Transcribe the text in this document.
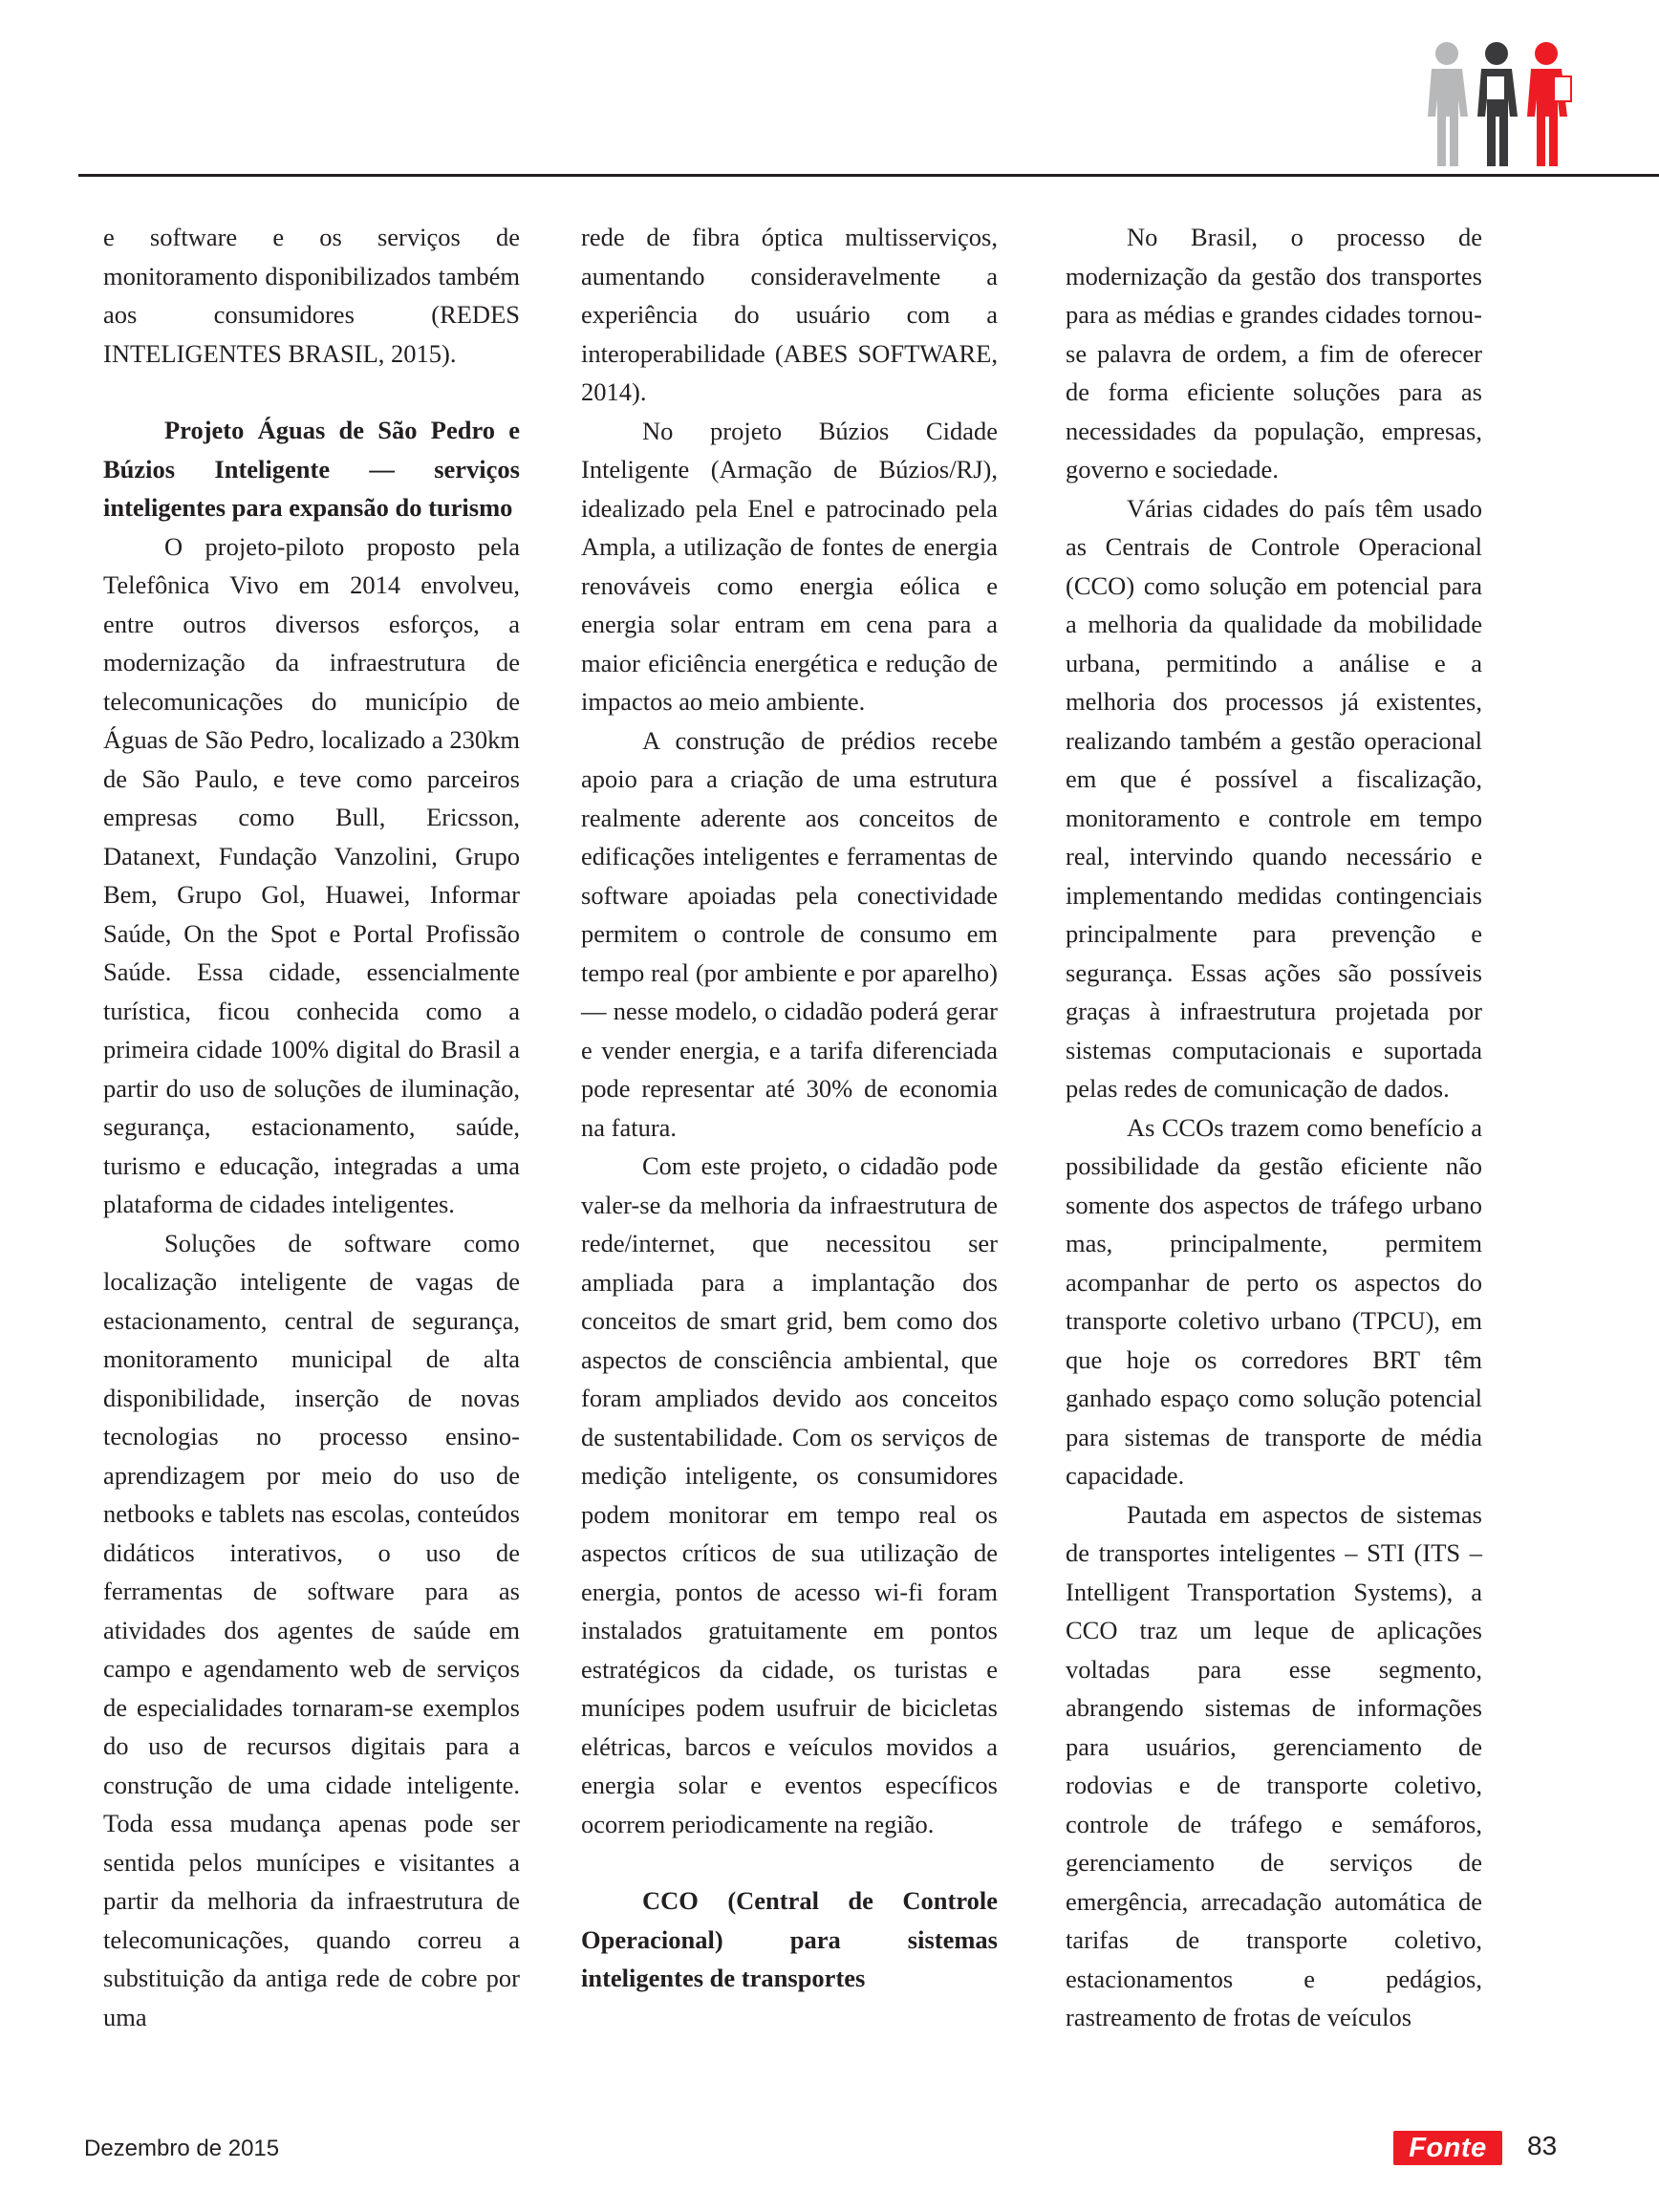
e software e os serviços de monitoramento disponibilizados também aos consumidores (REDES INTELIGENTES BRASIL, 2015).

Projeto Águas de São Pedro e Búzios Inteligente — serviços inteligentes para expansão do turismo

O projeto-piloto proposto pela Telefônica Vivo em 2014 envolveu, entre outros diversos esforços, a modernização da infraestrutura de telecomunicações do município de Águas de São Pedro, localizado a 230km de São Paulo, e teve como parceiros empresas como Bull, Ericsson, Datanext, Fundação Vanzolini, Grupo Bem, Grupo Gol, Huawei, Informar Saúde, On the Spot e Portal Profissão Saúde. Essa cidade, essencialmente turística, ficou conhecida como a primeira cidade 100% digital do Brasil a partir do uso de soluções de iluminação, segurança, estacionamento, saúde, turismo e educação, integradas a uma plataforma de cidades inteligentes.

Soluções de software como localização inteligente de vagas de estacionamento, central de segurança, monitoramento municipal de alta disponibilidade, inserção de novas tecnologias no processo ensino-aprendizagem por meio do uso de netbooks e tablets nas escolas, conteúdos didáticos interativos, o uso de ferramentas de software para as atividades dos agentes de saúde em campo e agendamento web de serviços de especialidades tornaram-se exemplos do uso de recursos digitais para a construção de uma cidade inteligente. Toda essa mudança apenas pode ser sentida pelos munícipes e visitantes a partir da melhoria da infraestrutura de telecomunicações, quando correu a substituição da antiga rede de cobre por uma

rede de fibra óptica multisserviços, aumentando consideravelmente a experiência do usuário com a interoperabilidade (ABES SOFTWARE, 2014).

No projeto Búzios Cidade Inteligente (Armação de Búzios/RJ), idealizado pela Enel e patrocinado pela Ampla, a utilização de fontes de energia renováveis como energia eólica e energia solar entram em cena para a maior eficiência energética e redução de impactos ao meio ambiente.

A construção de prédios recebe apoio para a criação de uma estrutura realmente aderente aos conceitos de edificações inteligentes e ferramentas de software apoiadas pela conectividade permitem o controle de consumo em tempo real (por ambiente e por aparelho) — nesse modelo, o cidadão poderá gerar e vender energia, e a tarifa diferenciada pode representar até 30% de economia na fatura.

Com este projeto, o cidadão pode valer-se da melhoria da infraestrutura de rede/internet, que necessitou ser ampliada para a implantação dos conceitos de smart grid, bem como dos aspectos de consciência ambiental, que foram ampliados devido aos conceitos de sustentabilidade. Com os serviços de medição inteligente, os consumidores podem monitorar em tempo real os aspectos críticos de sua utilização de energia, pontos de acesso wi-fi foram instalados gratuitamente em pontos estratégicos da cidade, os turistas e munícipes podem usufruir de bicicletas elétricas, barcos e veículos movidos a energia solar e eventos específicos ocorrem periodicamente na região.

CCO (Central de Controle Operacional) para sistemas inteligentes de transportes

No Brasil, o processo de modernização da gestão dos transportes para as médias e grandes cidades tornou-se palavra de ordem, a fim de oferecer de forma eficiente soluções para as necessidades da população, empresas, governo e sociedade.

Várias cidades do país têm usado as Centrais de Controle Operacional (CCO) como solução em potencial para a melhoria da qualidade da mobilidade urbana, permitindo a análise e a melhoria dos processos já existentes, realizando também a gestão operacional em que é possível a fiscalização, monitoramento e controle em tempo real, intervindo quando necessário e implementando medidas contingenciais principalmente para prevenção e segurança. Essas ações são possíveis graças à infraestrutura projetada por sistemas computacionais e suportada pelas redes de comunicação de dados.

As CCOs trazem como benefício a possibilidade da gestão eficiente não somente dos aspectos de tráfego urbano mas, principalmente, permitem acompanhar de perto os aspectos do transporte coletivo urbano (TPCU), em que hoje os corredores BRT têm ganhado espaço como solução potencial para sistemas de transporte de média capacidade.

Pautada em aspectos de sistemas de transportes inteligentes – STI (ITS – Intelligent Transportation Systems), a CCO traz um leque de aplicações voltadas para esse segmento, abrangendo sistemas de informações para usuários, gerenciamento de rodovias e de transporte coletivo, controle de tráfego e semáforos, gerenciamento de serviços de emergência, arrecadação automática de tarifas de transporte coletivo, estacionamentos e pedágios, rastreamento de frotas de veículos

Dezembro de 2015	Fonte	83
